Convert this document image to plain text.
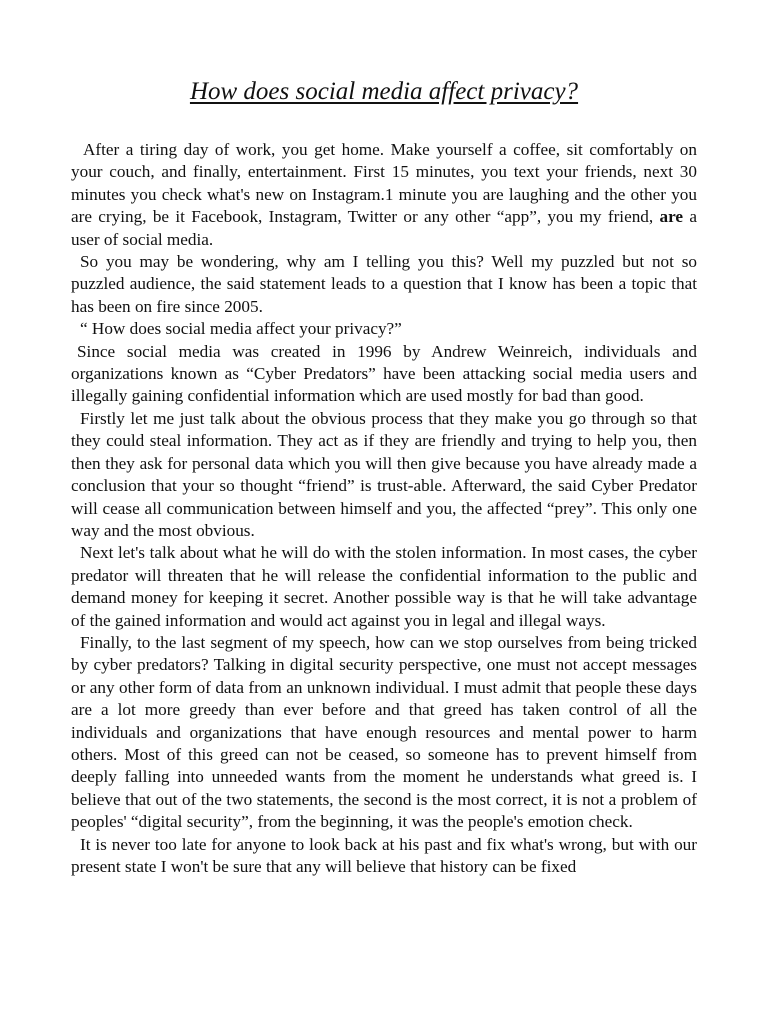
How does social media affect privacy?

After a tiring day of work, you get home. Make yourself a coffee, sit comfortably on your couch, and finally, entertainment. First 15 minutes, you text your friends, next 30 minutes you check what's new on Instagram.1 minute you are laughing and the other you are crying, be it Facebook, Instagram, Twitter or any other “app”, you my friend, are a user of social media.

So you may be wondering, why am I telling you this? Well my puzzled but not so puzzled audience, the said statement leads to a question that I know has been a topic that has been on fire since 2005.

“ How does social media affect your privacy?”

Since social media was created in 1996 by Andrew Weinreich, individuals and organizations known as “Cyber Predators” have been attacking social media users and illegally gaining confidential information which are used mostly for bad than good.

Firstly let me just talk about the obvious process that they make you go through so that they could steal information. They act as if they are friendly and trying to help you, then then they ask for personal data which you will then give because you have already made a conclusion that your so thought “friend” is trust-able. Afterward, the said Cyber Predator will cease all communication between himself and you, the affected “prey”. This only one way and the most obvious.

Next let's talk about what he will do with the stolen information. In most cases, the cyber predator will threaten that he will release the confidential information to the public and demand money for keeping it secret. Another possible way is that he will take advantage of the gained information and would act against you in legal and illegal ways.

Finally, to the last segment of my speech, how can we stop ourselves from being tricked by cyber predators? Talking in digital security perspective, one must not accept messages or any other form of data from an unknown individual. I must admit that people these days are a lot more greedy than ever before and that greed has taken control of all the individuals and organizations that have enough resources and mental power to harm others. Most of this greed can not be ceased, so someone has to prevent himself from deeply falling into unneeded wants from the moment he understands what greed is. I believe that out of the two statements, the second is the most correct, it is not a problem of peoples' “digital security”, from the beginning, it was the people's emotion check.

It is never too late for anyone to look back at his past and fix what's wrong, but with our present state I won't be sure that any will believe that history can be fixed
